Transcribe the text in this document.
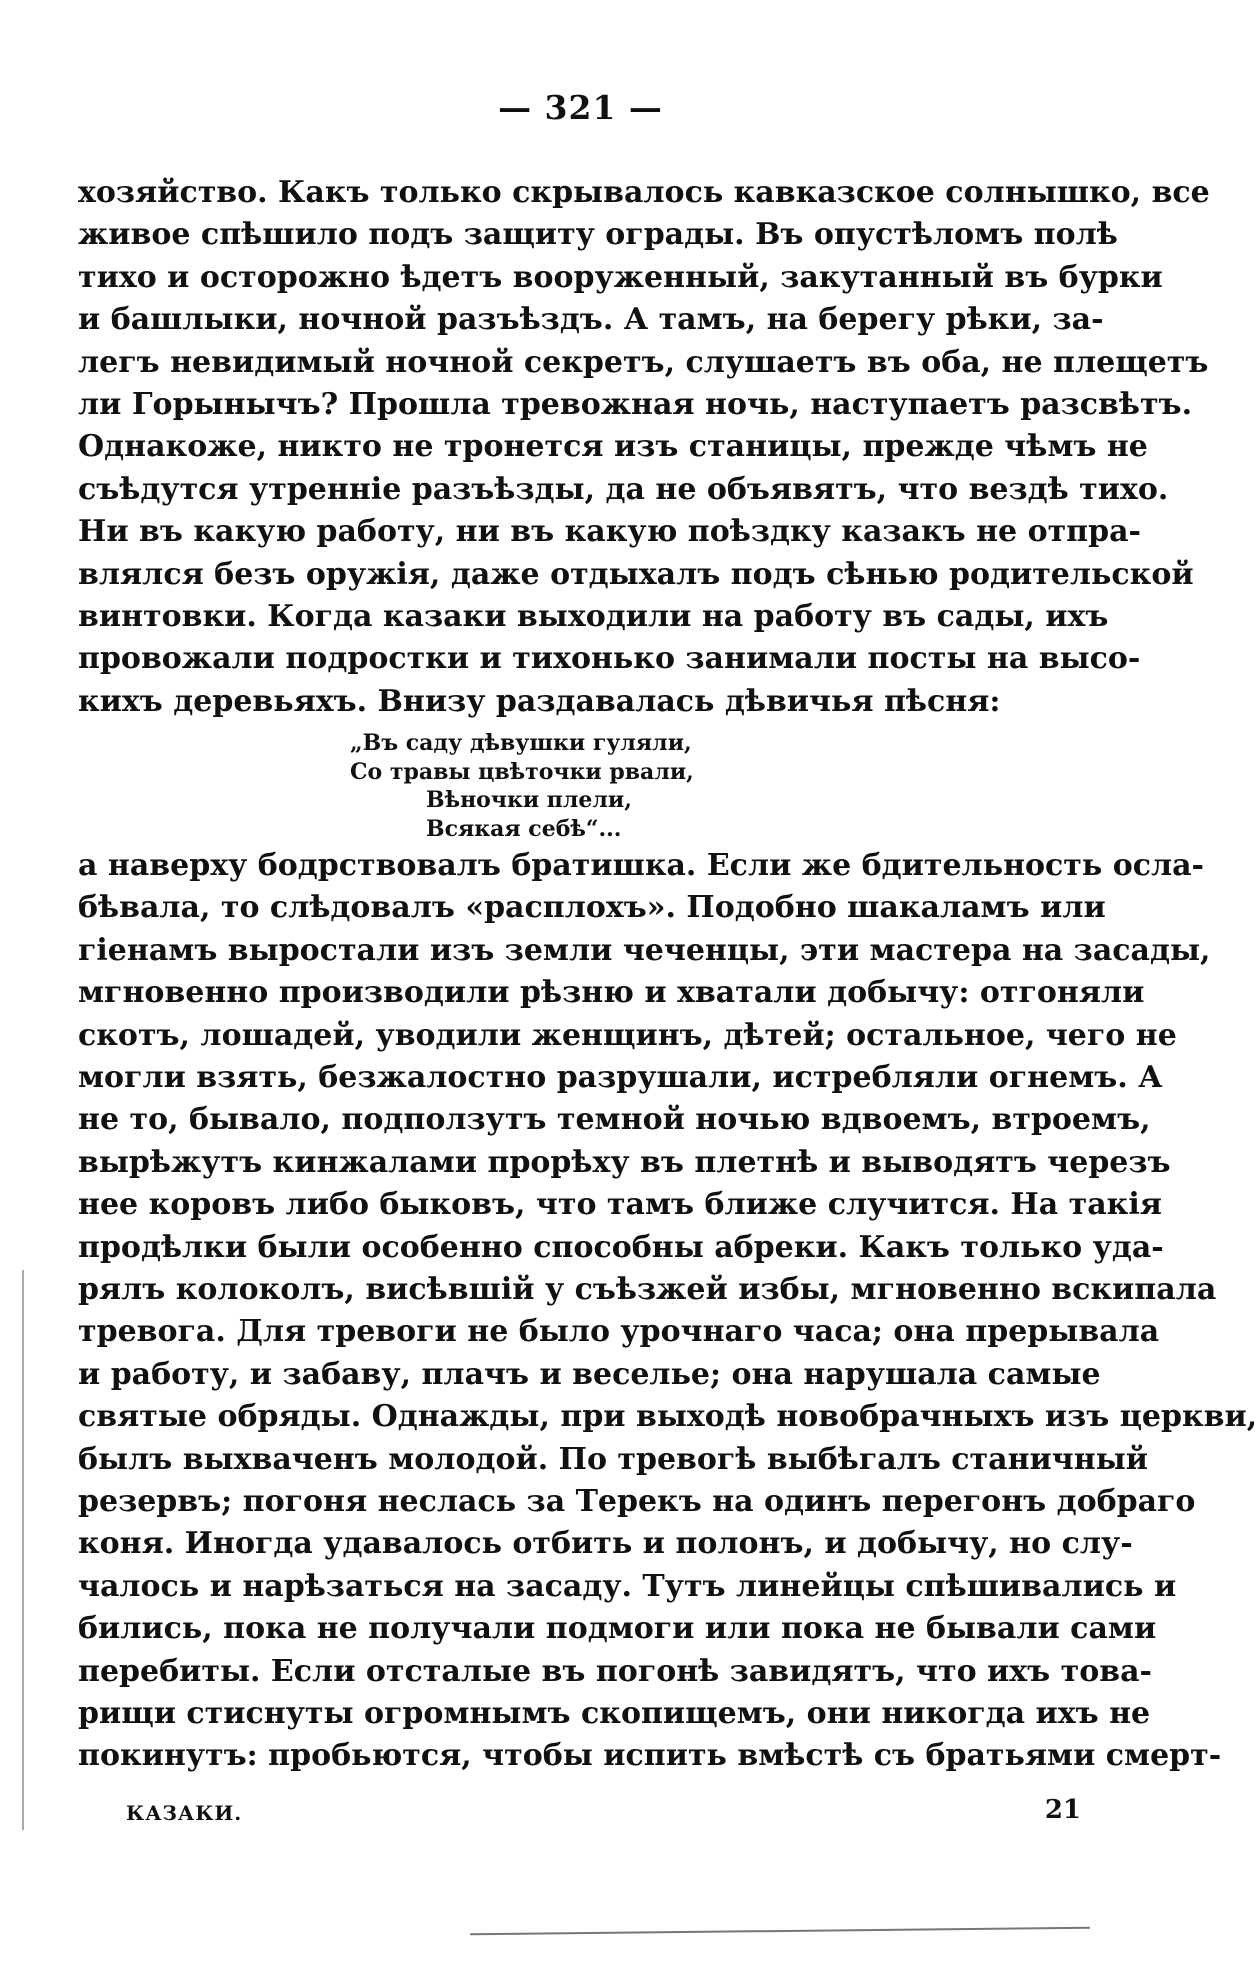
— 321 —
хозяйство. Какъ только скрывалось кавказское солнышко, все
живое спѣшило подъ защиту ограды. Въ опустѣломъ полѣ
тихо и осторожно ѣдетъ вооруженный, закутанный въ бурки
и башлыки, ночной разъѣздъ. А тамъ, на берегу рѣки, за-
легъ невидимый ночной секретъ, слушаетъ въ оба, не плещетъ
ли Горынычъ? Прошла тревожная ночь, наступаетъ разсвѣтъ.
Однакоже, никто не тронется изъ станицы, прежде чѣмъ не
съѣдутся утреннiе разъѣзды, да не объявятъ, что вездѣ тихо.
Ни въ какую работу, ни въ какую поѣздку казакъ не отпра-
влялся безъ оружiя, даже отдыхалъ подъ сѣнью родительской
винтовки. Когда казаки выходили на работу въ сады, ихъ
провожали подростки и тихонько занимали посты на высо-
кихъ деревьяхъ. Внизу раздавалась дѣвичья пѣсня:
„Въ саду дѣвушки гуляли,
Со травы цвѣточки рвали,
Вѣночки плели,
Всякая себѣ“...
а наверху бодрствовалъ братишка. Если же бдительность осла-
бѣвала, то слѣдовалъ «расплохъ». Подобно шакаламъ или
гiенамъ выростали изъ земли чеченцы, эти мастера на засады,
мгновенно производили рѣзню и хватали добычу: отгоняли
скотъ, лошадей, уводили женщинъ, дѣтей; остальное, чего не
могли взять, безжалостно разрушали, истребляли огнемъ. А
не то, бывало, подползутъ темной ночью вдвоемъ, втроемъ,
вырѣжутъ кинжалами прорѣху въ плетнѣ и выводятъ черезъ
нее коровъ либо быковъ, что тамъ ближе случится. На такiя
продѣлки были особенно способны абреки. Какъ только уда-
рялъ колоколъ, висѣвшiй у съѣзжей избы, мгновенно вскипала
тревога. Для тревоги не было урочнаго часа; она прерывала
и работу, и забаву, плачъ и веселье; она нарушала самые
святые обряды. Однажды, при выходѣ новобрачныхъ изъ церкви,
былъ выхваченъ молодой. По тревогѣ выбѣгалъ станичный
резервъ; погоня неслась за Терекъ на одинъ перегонъ добраго
коня. Иногда удавалось отбить и полонъ, и добычу, но слу-
чалось и нарѣзаться на засаду. Тутъ линейцы спѣшивались и
бились, пока не получали подмоги или пока не бывали сами
перебиты. Если отсталые въ погонѣ завидятъ, что ихъ това-
рищи стиснуты огромнымъ скопищемъ, они никогда ихъ не
покинутъ: пробьются, чтобы испить вмѣстѣ съ братьями смерт-
КАЗАКИ.	21
